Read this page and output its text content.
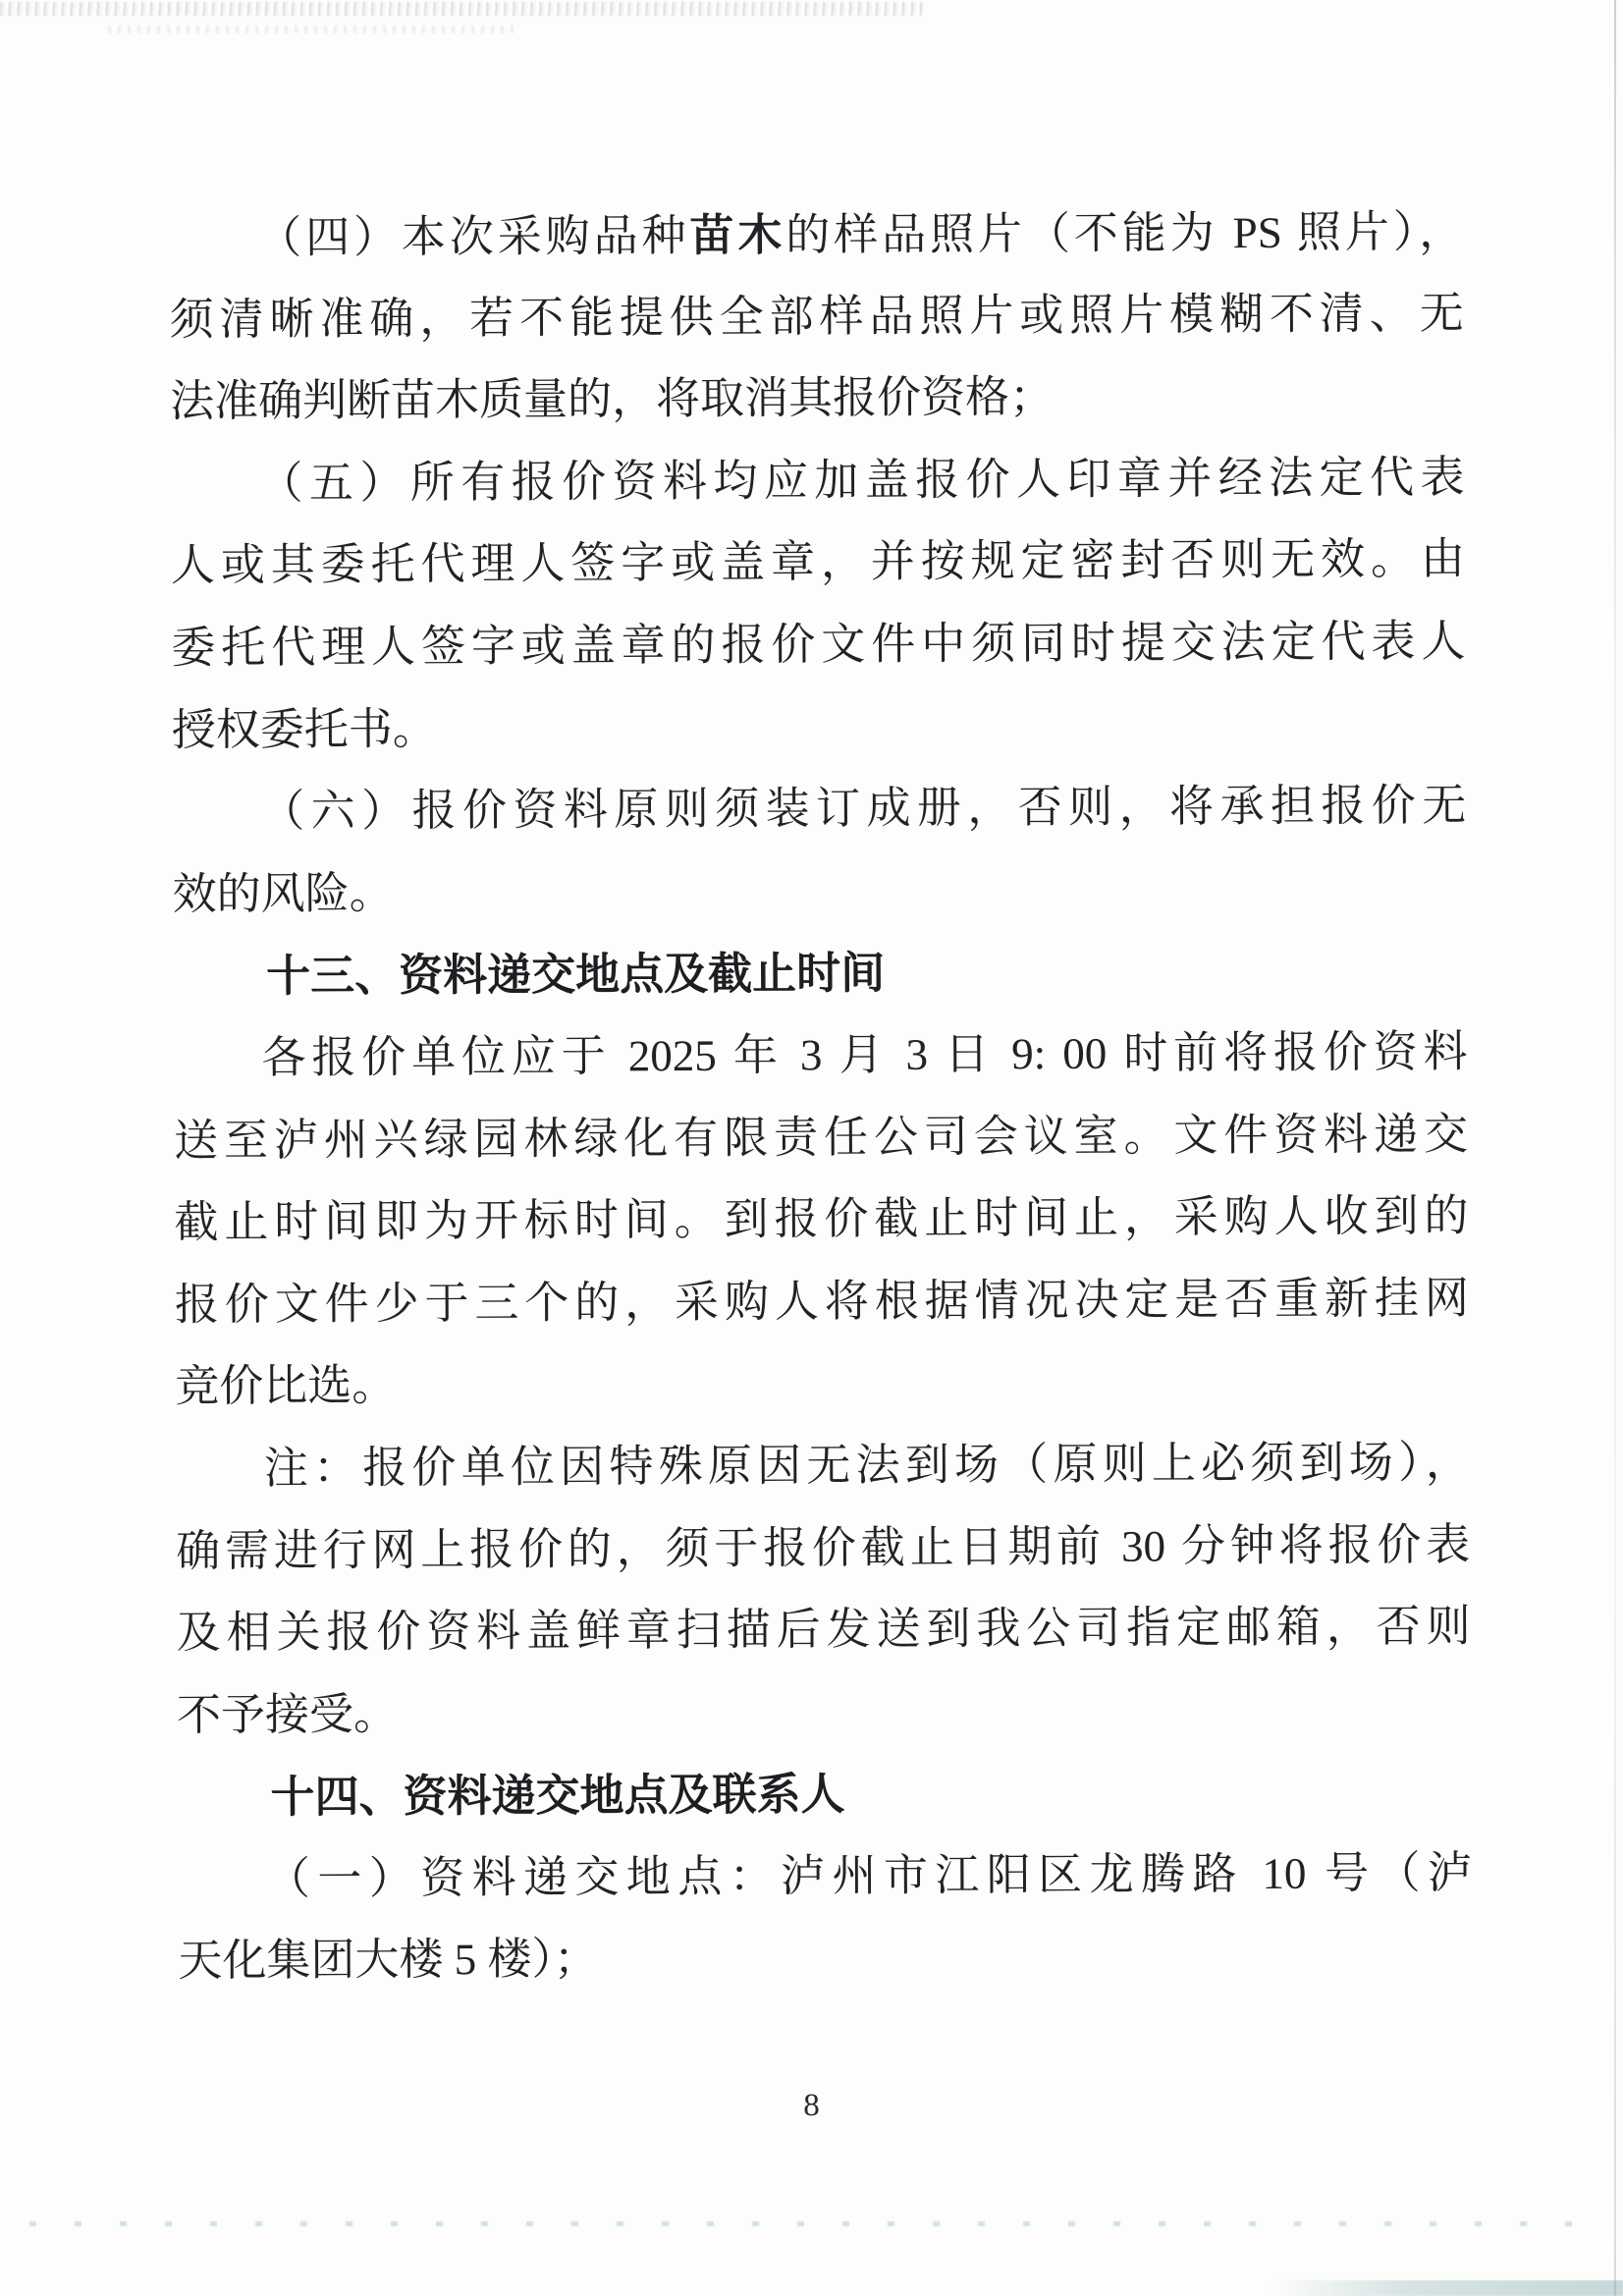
（四）本次采购品种苗木的样品照片（不能为 PS 照片），

须清晰准确，若不能提供全部样品照片或照片模糊不清、无

法准确判断苗木质量的，将取消其报价资格；

（五）所有报价资料均应加盖报价人印章并经法定代表

人或其委托代理人签字或盖章，并按规定密封否则无效。由

委托代理人签字或盖章的报价文件中须同时提交法定代表人

授权委托书。

（六）报价资料原则须装订成册，否则，将承担报价无

效的风险。

十三、资料递交地点及截止时间

各报价单位应于 2025 年 3 月 3 日 9: 00 时前将报价资料

送至泸州兴绿园林绿化有限责任公司会议室。文件资料递交

截止时间即为开标时间。到报价截止时间止，采购人收到的

报价文件少于三个的，采购人将根据情况决定是否重新挂网

竞价比选。

注：报价单位因特殊原因无法到场（原则上必须到场），

确需进行网上报价的，须于报价截止日期前 30 分钟将报价表

及相关报价资料盖鲜章扫描后发送到我公司指定邮箱，否则

不予接受。

十四、资料递交地点及联系人

（一）资料递交地点：泸州市江阳区龙腾路 10 号（泸

天化集团大楼 5 楼）；

8
